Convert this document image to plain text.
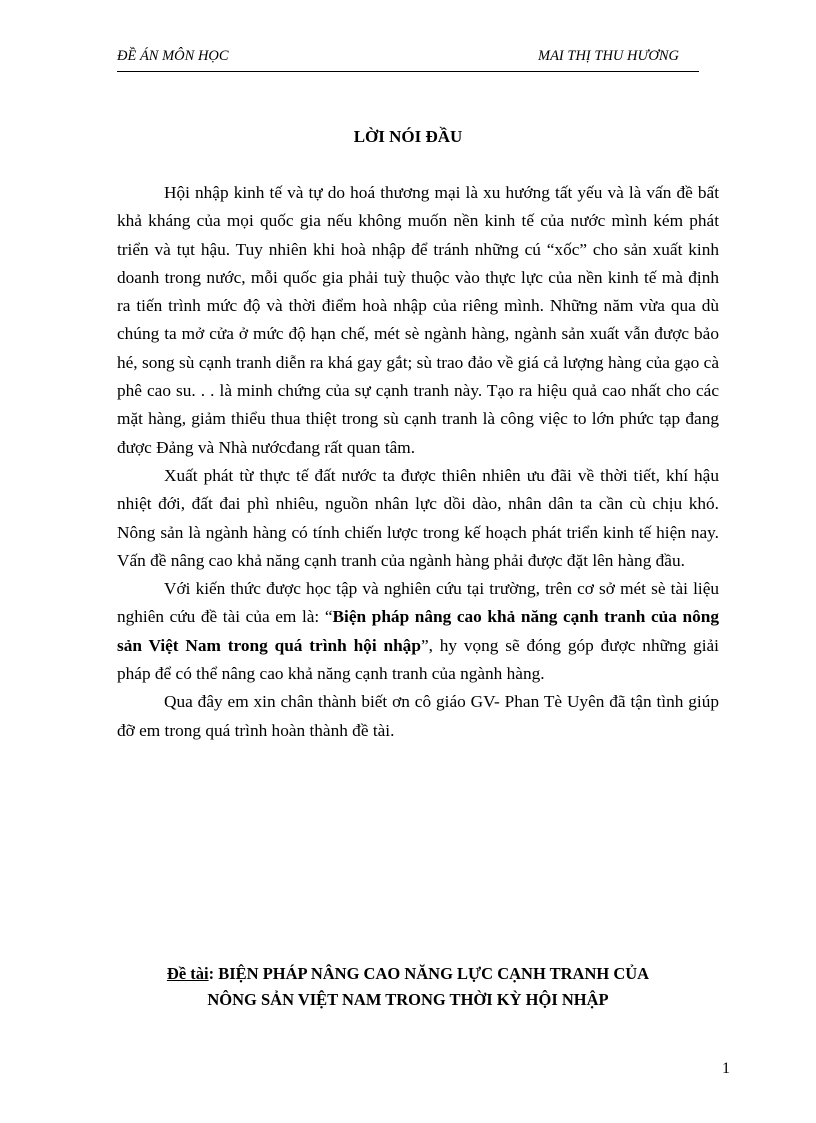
ĐỀ ÁN MÔN HỌC	MAI THỊ THU HƯƠNG
LỜI NÓI ĐẦU

Hội nhập kinh tế và tự do hoá thương mại là xu hướng tất yếu và là vấn đề bất khả kháng của mọi quốc gia nếu không muốn nền kinh tế của nước mình kém phát triển và tụt hậu. Tuy nhiên khi hoà nhập để tránh những cú “xốc” cho sản xuất kinh doanh trong nước, mỗi quốc gia phải tuỳ thuộc vào thực lực của nền kinh tế mà định ra tiến trình mức độ và thời điểm hoà nhập của riêng mình. Những năm vừa qua dù chúng ta mở cửa ở mức độ hạn chế, mét sè ngành hàng, ngành sản xuất vẫn được bảo hé, song sù cạnh tranh diễn ra khá gay gắt; sù trao đảo về giá cả lượng hàng của gạo cà phê cao su. . . là minh chứng của sự cạnh tranh này. Tạo ra hiệu quả cao nhất cho các mặt hàng, giảm thiểu thua thiệt trong sù cạnh tranh là công việc to lớn phức tạp đang được Đảng và Nhà nướcđang rất quan tâm.

Xuất phát từ thực tế đất nước ta được thiên nhiên ưu đãi về thời tiết, khí hậu nhiệt đới, đất đai phì nhiêu, nguồn nhân lực dồi dào, nhân dân ta cần cù chịu khó. Nông sản là ngành hàng có tính chiến lược trong kế hoạch phát triển kinh tế hiện nay. Vấn đề nâng cao khả năng cạnh tranh của ngành hàng phải được đặt lên hàng đầu.

Với kiến thức được học tập và nghiên cứu tại trường, trên cơ sở mét sè tài liệu nghiên cứu đề tài của em là: “Biện pháp nâng cao khả năng cạnh tranh của nông sản Việt Nam trong quá trình hội nhập”, hy vọng sẽ đóng góp được những giải pháp để có thể nâng cao khả năng cạnh tranh của ngành hàng.

Qua đây em xin chân thành biết ơn cô giáo GV- Phan Tè Uyên đã tận tình giúp đỡ em trong quá trình hoàn thành đề tài.

Đề tài: BIỆN PHÁP NÂNG CAO NĂNG LỰC CẠNH TRANH CỦA
NÔNG SẢN VIỆT NAM TRONG THỜI KỲ HỘI NHẬP
1
